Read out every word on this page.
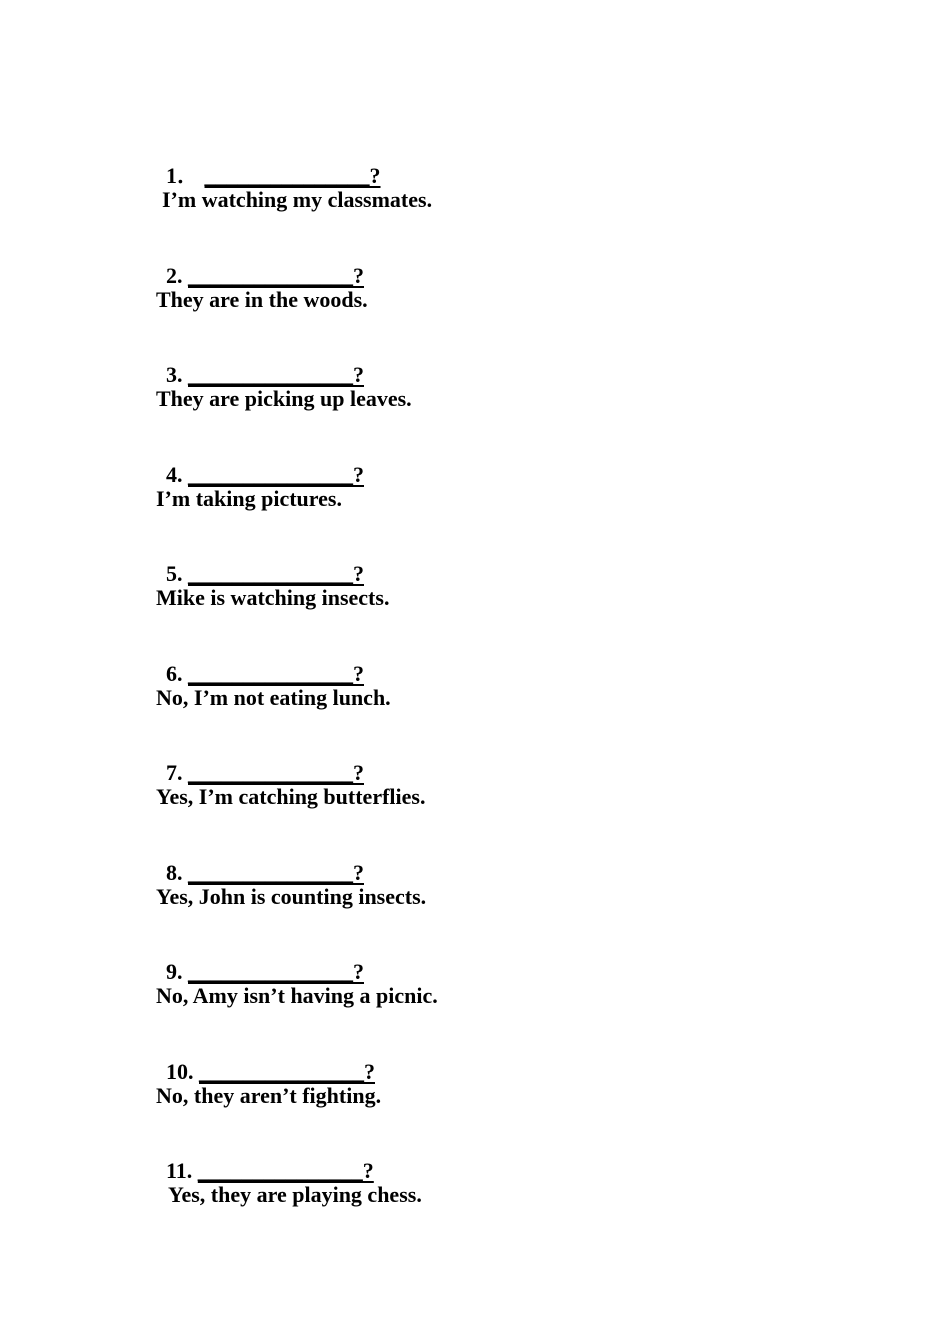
1． _______________?

I’m watching my classmates.

2. _______________?

They are in the woods.

3. _______________?

They are picking up leaves.

4. _______________?

I’m taking pictures.

5. _______________?

Mike is watching insects.

6. _______________?

No, I’m not eating lunch.

7. _______________?

Yes, I’m catching butterflies.

8. _______________?

Yes, John is counting insects.

9. _______________?

No, Amy isn’t having a picnic.

10. _______________?

No, they aren’t fighting.

11. _______________?

Yes, they are playing chess.
